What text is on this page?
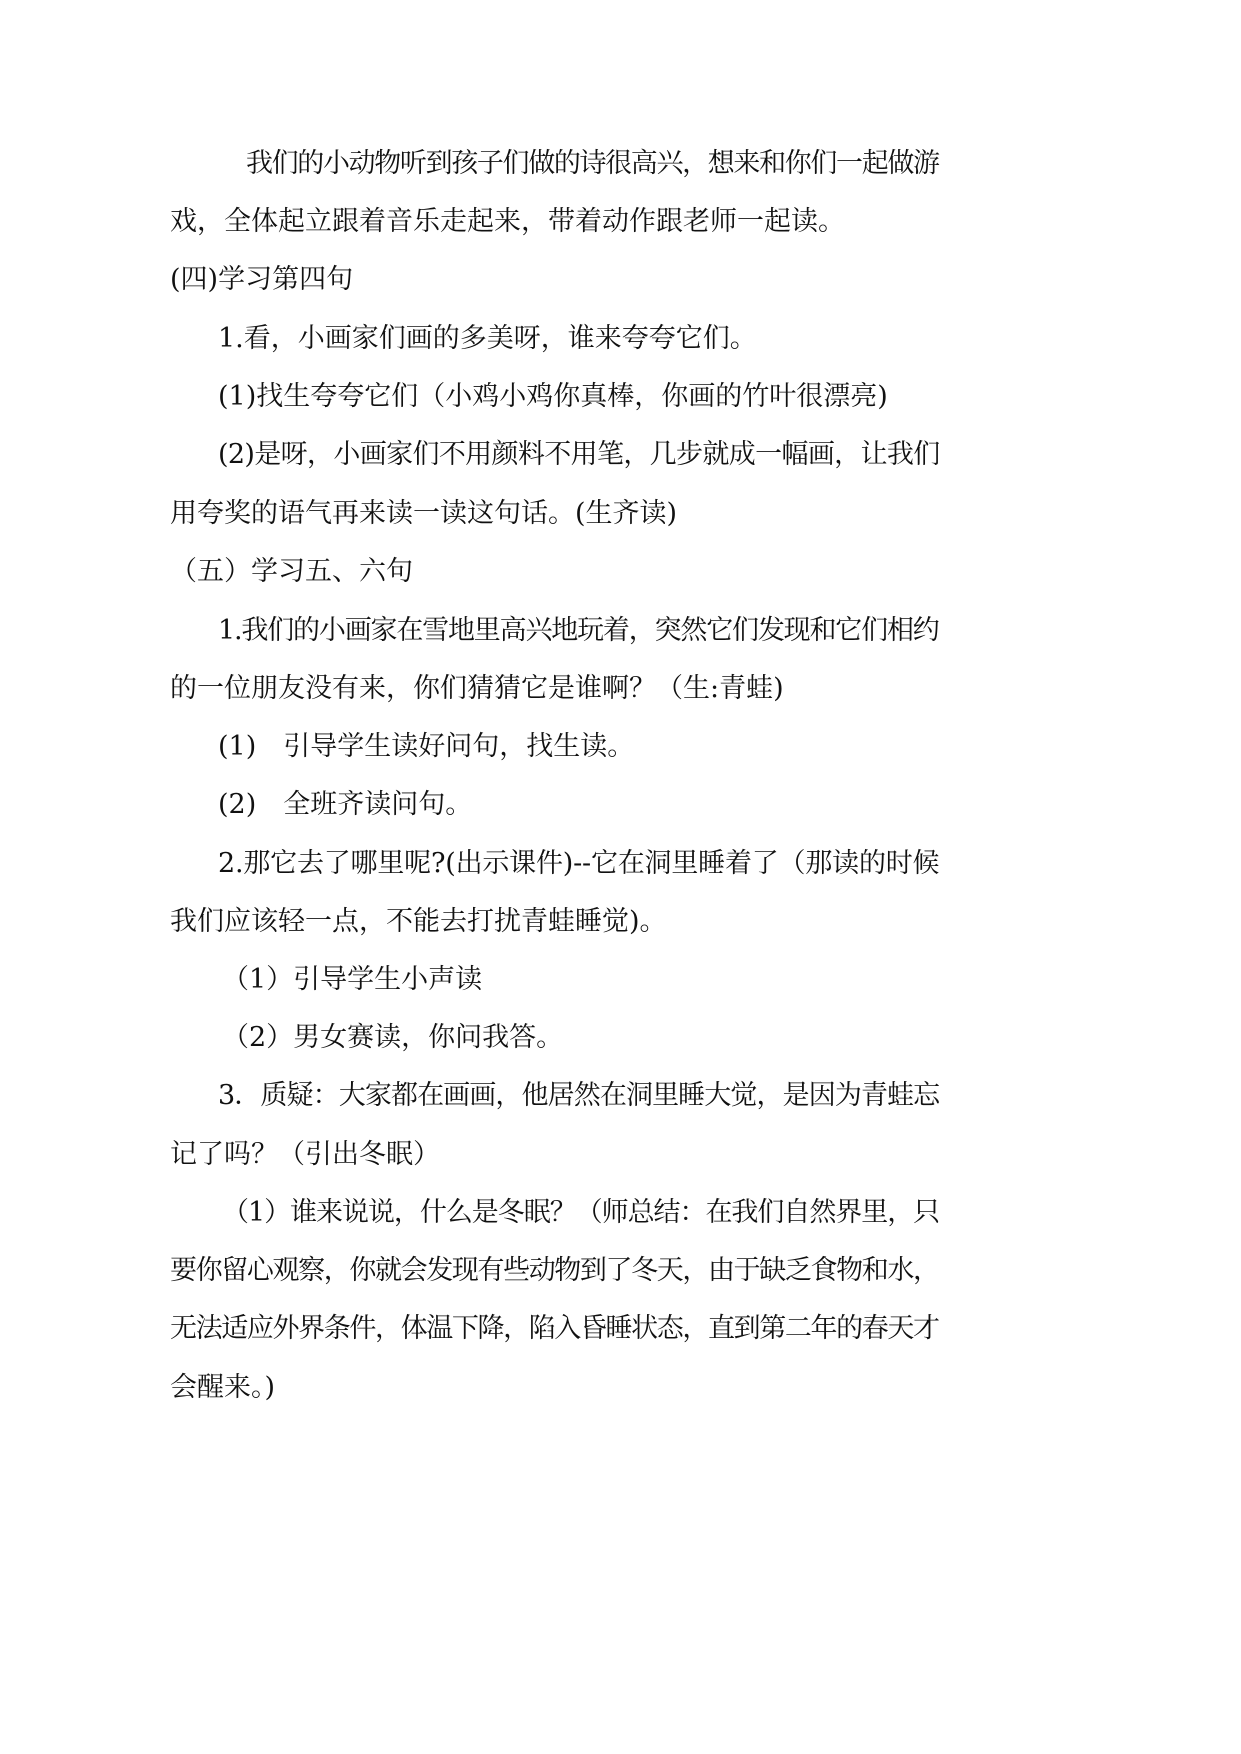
我们的小动物听到孩子们做的诗很高兴，想来和你们一起做游

戏，全体起立跟着音乐走起来，带着动作跟老师一起读。

(四)学习第四句

1.看，小画家们画的多美呀，谁来夸夸它们。

(1)找生夸夸它们（小鸡小鸡你真棒，你画的竹叶很漂亮)

(2)是呀，小画家们不用颜料不用笔，几步就成一幅画，让我们

用夸奖的语气再来读一读这句话。(生齐读)

（五）学习五、六句

1.我们的小画家在雪地里高兴地玩着，突然它们发现和它们相约

的一位朋友没有来，你们猜猜它是谁啊？（生:青蛙)

(1)　引导学生读好问句，找生读。

(2)　全班齐读问句。

2.那它去了哪里呢?(出示课件)--它在洞里睡着了（那读的时候

我们应该轻一点，不能去打扰青蛙睡觉)。

（1）引导学生小声读

（2）男女赛读，你问我答。

3．质疑：大家都在画画，他居然在洞里睡大觉，是因为青蛙忘

记了吗？（引出冬眠）

（1）谁来说说，什么是冬眠？（师总结：在我们自然界里，只

要你留心观察，你就会发现有些动物到了冬天，由于缺乏食物和水，

无法适应外界条件，体温下降，陷入昏睡状态，直到第二年的春天才

会醒来。)
